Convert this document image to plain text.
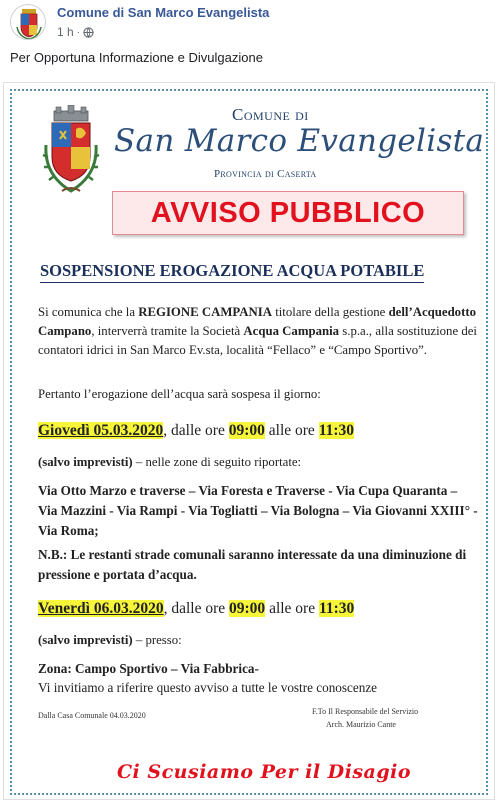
Comune di San Marco Evangelista
1 h ·
Per Opportuna Informazione e Divulgazione
Comune di
San Marco Evangelista
Provincia di Caserta
AVVISO PUBBLICO
SOSPENSIONE EROGAZIONE ACQUA POTABILE
Si comunica che la REGIONE CAMPANIA titolare della gestione dell’Acquedotto Campano, interverrà tramite la Società Acqua Campania s.p.a., alla sostituzione dei contatori idrici in San Marco Ev.sta, località “Fellaco” e “Campo Sportivo”.
Pertanto l’erogazione dell’acqua sarà sospesa il giorno:
Giovedì 05.03.2020, dalle ore 09:00 alle ore 11:30
(salvo imprevisti) – nelle zone di seguito riportate:
Via Otto Marzo e traverse – Via Foresta e Traverse - Via Cupa Quaranta – Via Mazzini - Via Rampi - Via Togliatti – Via Bologna – Via Giovanni XXIII° - Via Roma;
N.B.: Le restanti strade comunali saranno interessate da una diminuzione di pressione e portata d’acqua.
Venerdì 06.03.2020, dalle ore 09:00 alle ore 11:30
(salvo imprevisti) – presso:
Zona: Campo Sportivo – Via Fabbrica-
Vi invitiamo a riferire questo avviso a tutte le vostre conoscenze
Dalla Casa Comunale 04.03.2020	F.To Il Responsabile del Servizio
Arch. Maurizio Cante
Ci Scusiamo Per il Disagio
